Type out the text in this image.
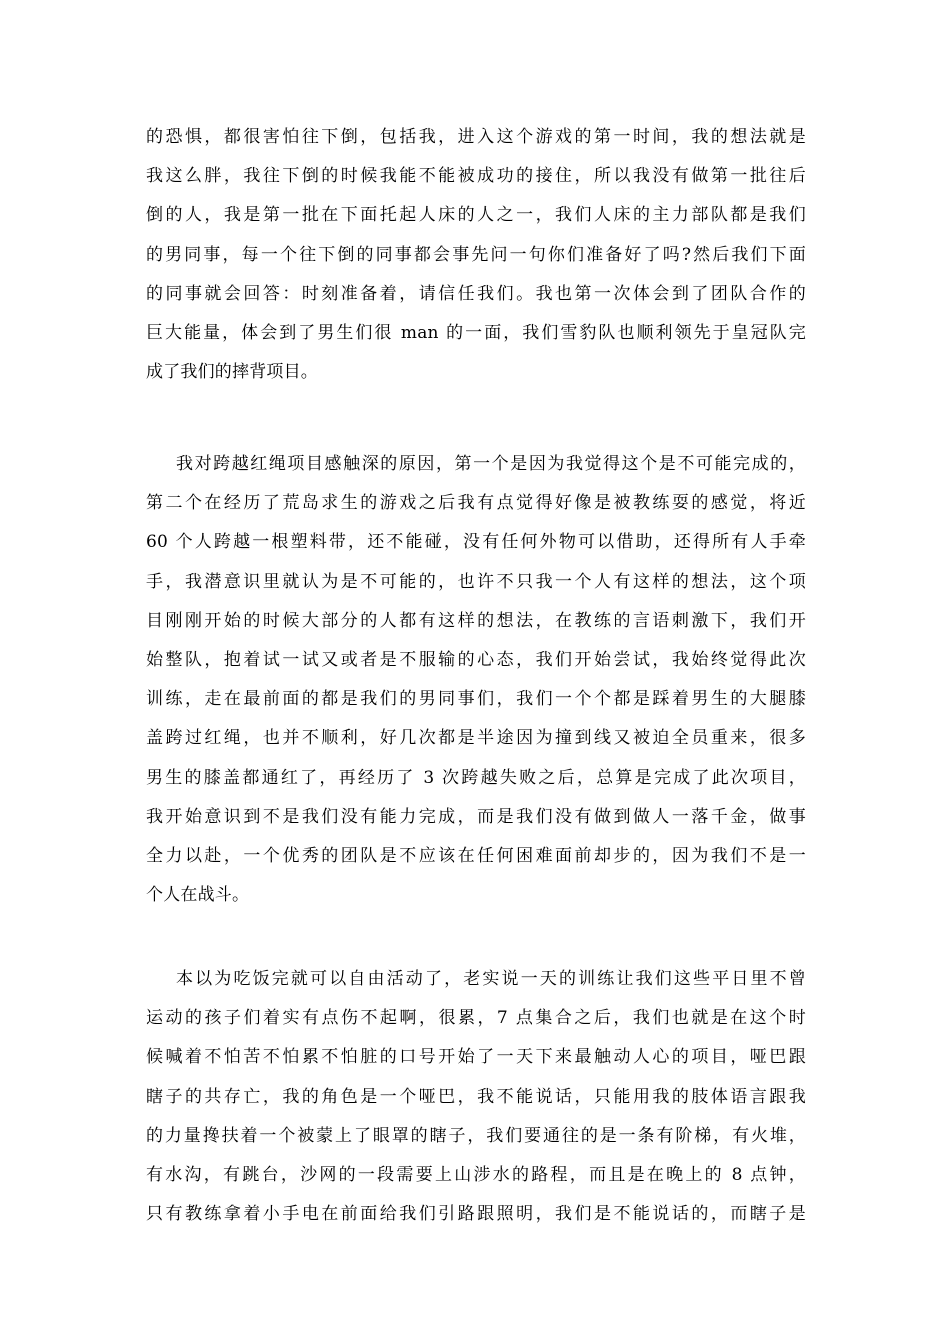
的恐惧，都很害怕往下倒，包括我，进入这个游戏的第一时间，我的想法就是
我这么胖，我往下倒的时候我能不能被成功的接住，所以我没有做第一批往后
倒的人，我是第一批在下面托起人床的人之一，我们人床的主力部队都是我们
的男同事，每一个往下倒的同事都会事先问一句你们准备好了吗?然后我们下面
的同事就会回答：时刻准备着，请信任我们。我也第一次体会到了团队合作的
巨大能量，体会到了男生们很 man 的一面，我们雪豹队也顺利领先于皇冠队完
成了我们的摔背项目。
我对跨越红绳项目感触深的原因，第一个是因为我觉得这个是不可能完成的，
第二个在经历了荒岛求生的游戏之后我有点觉得好像是被教练耍的感觉，将近
60 个人跨越一根塑料带，还不能碰，没有任何外物可以借助，还得所有人手牵
手，我潜意识里就认为是不可能的，也许不只我一个人有这样的想法，这个项
目刚刚开始的时候大部分的人都有这样的想法，在教练的言语刺激下，我们开
始整队，抱着试一试又或者是不服输的心态，我们开始尝试，我始终觉得此次
训练，走在最前面的都是我们的男同事们，我们一个个都是踩着男生的大腿膝
盖跨过红绳，也并不顺利，好几次都是半途因为撞到线又被迫全员重来，很多
男生的膝盖都通红了，再经历了 3 次跨越失败之后，总算是完成了此次项目，
我开始意识到不是我们没有能力完成，而是我们没有做到做人一落千金，做事
全力以赴，一个优秀的团队是不应该在任何困难面前却步的，因为我们不是一
个人在战斗。
本以为吃饭完就可以自由活动了，老实说一天的训练让我们这些平日里不曾
运动的孩子们着实有点伤不起啊，很累，7 点集合之后，我们也就是在这个时
候喊着不怕苦不怕累不怕脏的口号开始了一天下来最触动人心的项目，哑巴跟
瞎子的共存亡，我的角色是一个哑巴，我不能说话，只能用我的肢体语言跟我
的力量搀扶着一个被蒙上了眼罩的瞎子，我们要通往的是一条有阶梯，有火堆，
有水沟，有跳台，沙网的一段需要上山涉水的路程，而且是在晚上的 8 点钟，
只有教练拿着小手电在前面给我们引路跟照明，我们是不能说话的，而瞎子是
